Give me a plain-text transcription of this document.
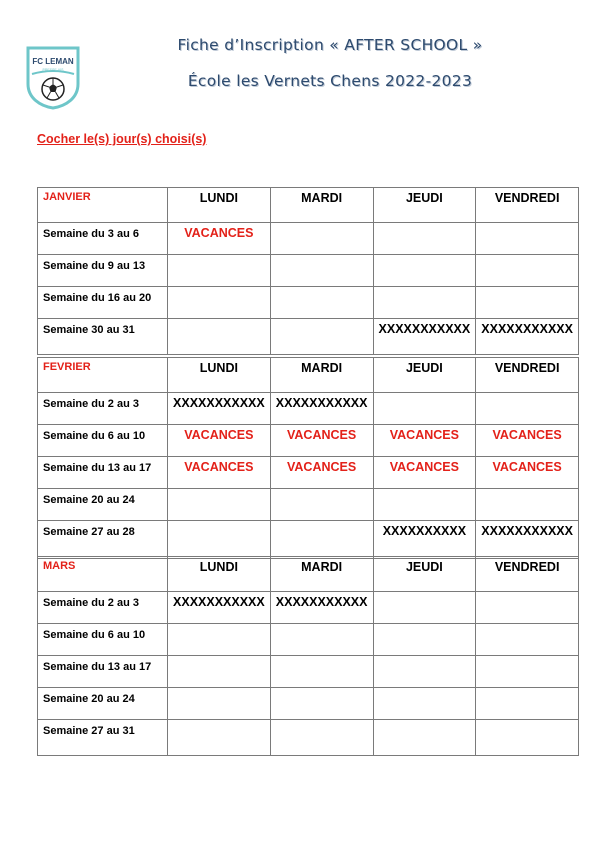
FC LEMAN
PRESSE-VIS
Fiche d’Inscription « AFTER SCHOOL »
École les Vernets Chens 2022-2023
Cocher le(s) jour(s) choisi(s)
JANVIER	LUNDI	MARDI	JEUDI	VENDREDI
Semaine du 3 au 6	VACANCES			
Semaine du 9 au 13				
Semaine du 16 au 20				
Semaine 30 au 31			XXXXXXXXXXX	XXXXXXXXXXX
FEVRIER	LUNDI	MARDI	JEUDI	VENDREDI
Semaine du 2 au 3	XXXXXXXXXXX	XXXXXXXXXXX		
Semaine du 6 au 10	VACANCES	VACANCES	VACANCES	VACANCES
Semaine du 13 au 17	VACANCES	VACANCES	VACANCES	VACANCES
Semaine 20 au 24				
Semaine 27 au 28			XXXXXXXXXX	XXXXXXXXXXX
MARS	LUNDI	MARDI	JEUDI	VENDREDI
Semaine du 2 au 3	XXXXXXXXXXX	XXXXXXXXXXX		
Semaine du 6 au 10				
Semaine du 13 au 17				
Semaine 20 au 24				
Semaine 27 au 31				
